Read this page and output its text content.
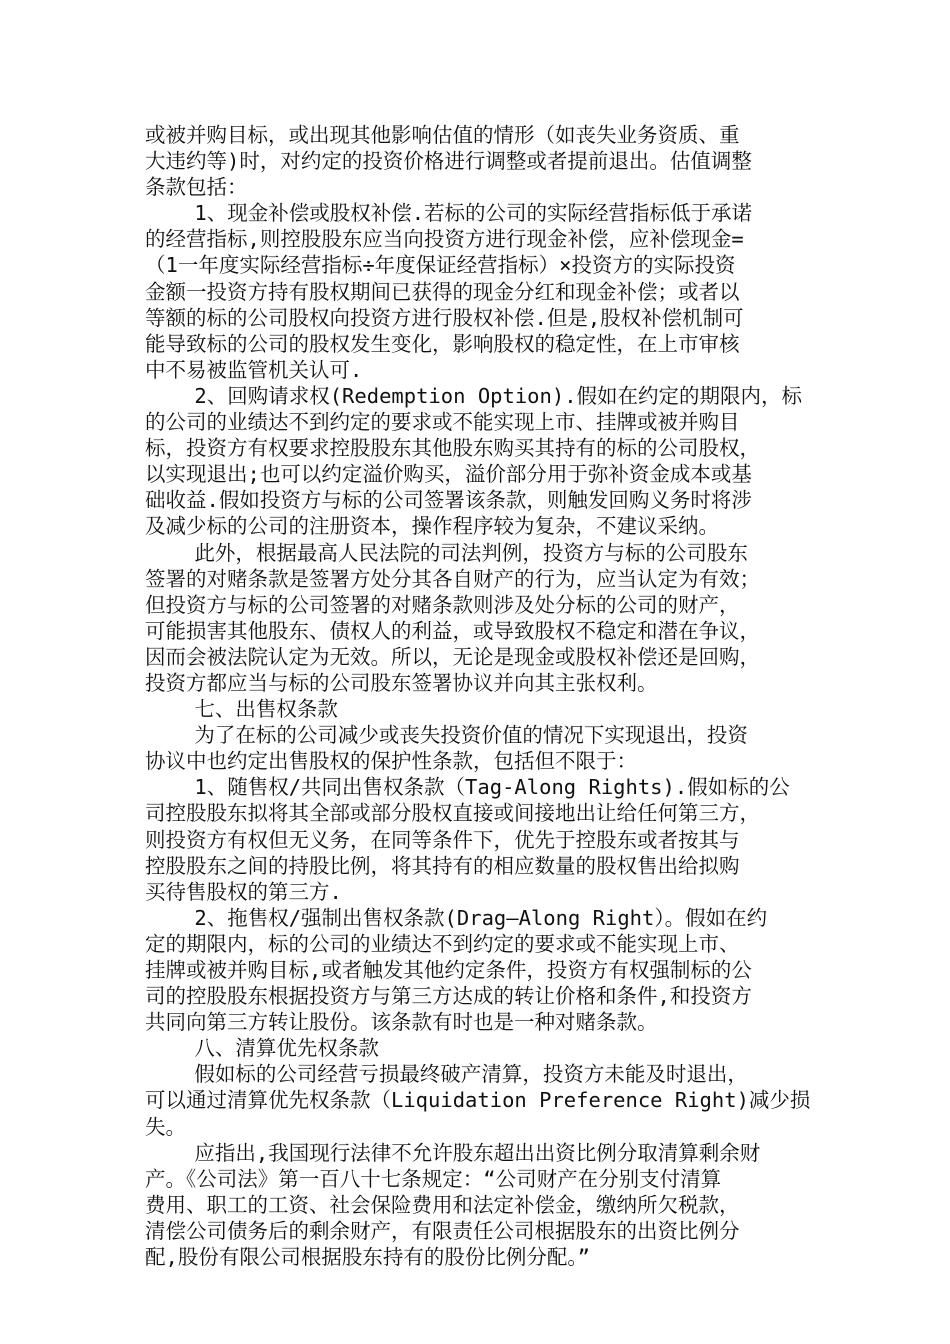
或被并购目标，或出现其他影响估值的情形（如丧失业务资质、重
大违约等)时，对约定的投资价格进行调整或者提前退出。估值调整
条款包括：
1、现金补偿或股权补偿.若标的公司的实际经营指标低于承诺
的经营指标,则控股股东应当向投资方进行现金补偿，应补偿现金=
（1一年度实际经营指标÷年度保证经营指标）×投资方的实际投资
金额一投资方持有股权期间已获得的现金分红和现金补偿；或者以
等额的标的公司股权向投资方进行股权补偿.但是,股权补偿机制可
能导致标的公司的股权发生变化，影响股权的稳定性，在上市审核
中不易被监管机关认可.
2、回购请求权(Redemption Option).假如在约定的期限内，标
的公司的业绩达不到约定的要求或不能实现上市、挂牌或被并购目
标，投资方有权要求控股股东其他股东购买其持有的标的公司股权，
以实现退出;也可以约定溢价购买，溢价部分用于弥补资金成本或基
础收益.假如投资方与标的公司签署该条款，则触发回购义务时将涉
及减少标的公司的注册资本，操作程序较为复杂，不建议采纳。
此外，根据最高人民法院的司法判例，投资方与标的公司股东
签署的对赌条款是签署方处分其各自财产的行为，应当认定为有效；
但投资方与标的公司签署的对赌条款则涉及处分标的公司的财产，
可能损害其他股东、债权人的利益，或导致股权不稳定和潜在争议，
因而会被法院认定为无效。所以，无论是现金或股权补偿还是回购，
投资方都应当与标的公司股东签署协议并向其主张权利。
七、出售权条款
为了在标的公司减少或丧失投资价值的情况下实现退出，投资
协议中也约定出售股权的保护性条款，包括但不限于：
1、随售权/共同出售权条款（Tag-Along Rights).假如标的公
司控股股东拟将其全部或部分股权直接或间接地出让给任何第三方，
则投资方有权但无义务，在同等条件下，优先于控股东或者按其与
控股股东之间的持股比例，将其持有的相应数量的股权售出给拟购
买待售股权的第三方.
2、拖售权/强制出售权条款(Drag—Along Right）。假如在约
定的期限内，标的公司的业绩达不到约定的要求或不能实现上市、
挂牌或被并购目标,或者触发其他约定条件，投资方有权强制标的公
司的控股股东根据投资方与第三方达成的转让价格和条件,和投资方
共同向第三方转让股份。该条款有时也是一种对赌条款。
八、清算优先权条款
假如标的公司经营亏损最终破产清算，投资方未能及时退出，
可以通过清算优先权条款（Liquidation Preference Right)减少损
失。
应指出,我国现行法律不允许股东超出出资比例分取清算剩余财
产。《公司法》第一百八十七条规定：“公司财产在分别支付清算
费用、职工的工资、社会保险费用和法定补偿金，缴纳所欠税款，
清偿公司债务后的剩余财产，有限责任公司根据股东的出资比例分
配,股份有限公司根据股东持有的股份比例分配。”
